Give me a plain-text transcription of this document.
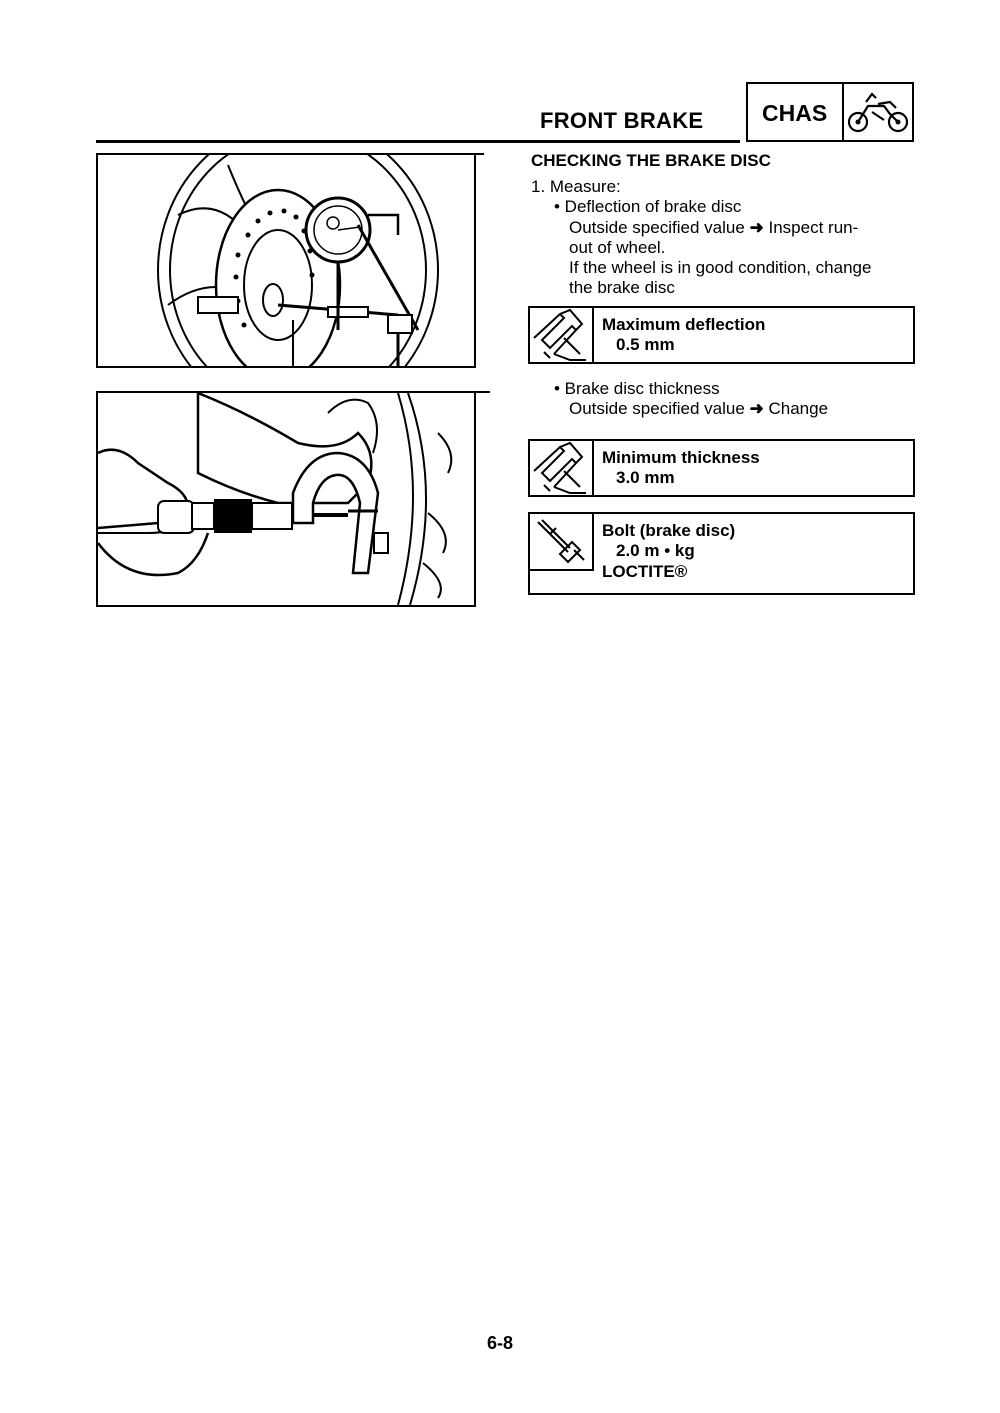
FRONT BRAKE	CHAS
CHECKING THE BRAKE DISC
1. Measure:
• Deflection of brake disc
Outside specified value ➜ Inspect run-
out of wheel.
If the wheel is in good condition, change
the brake disc
Maximum deflection
0.5 mm
• Brake disc thickness
Outside specified value ➜ Change
Minimum thickness
3.0 mm
Bolt (brake disc)
2.0 m • kg
LOCTITE®
6-8
